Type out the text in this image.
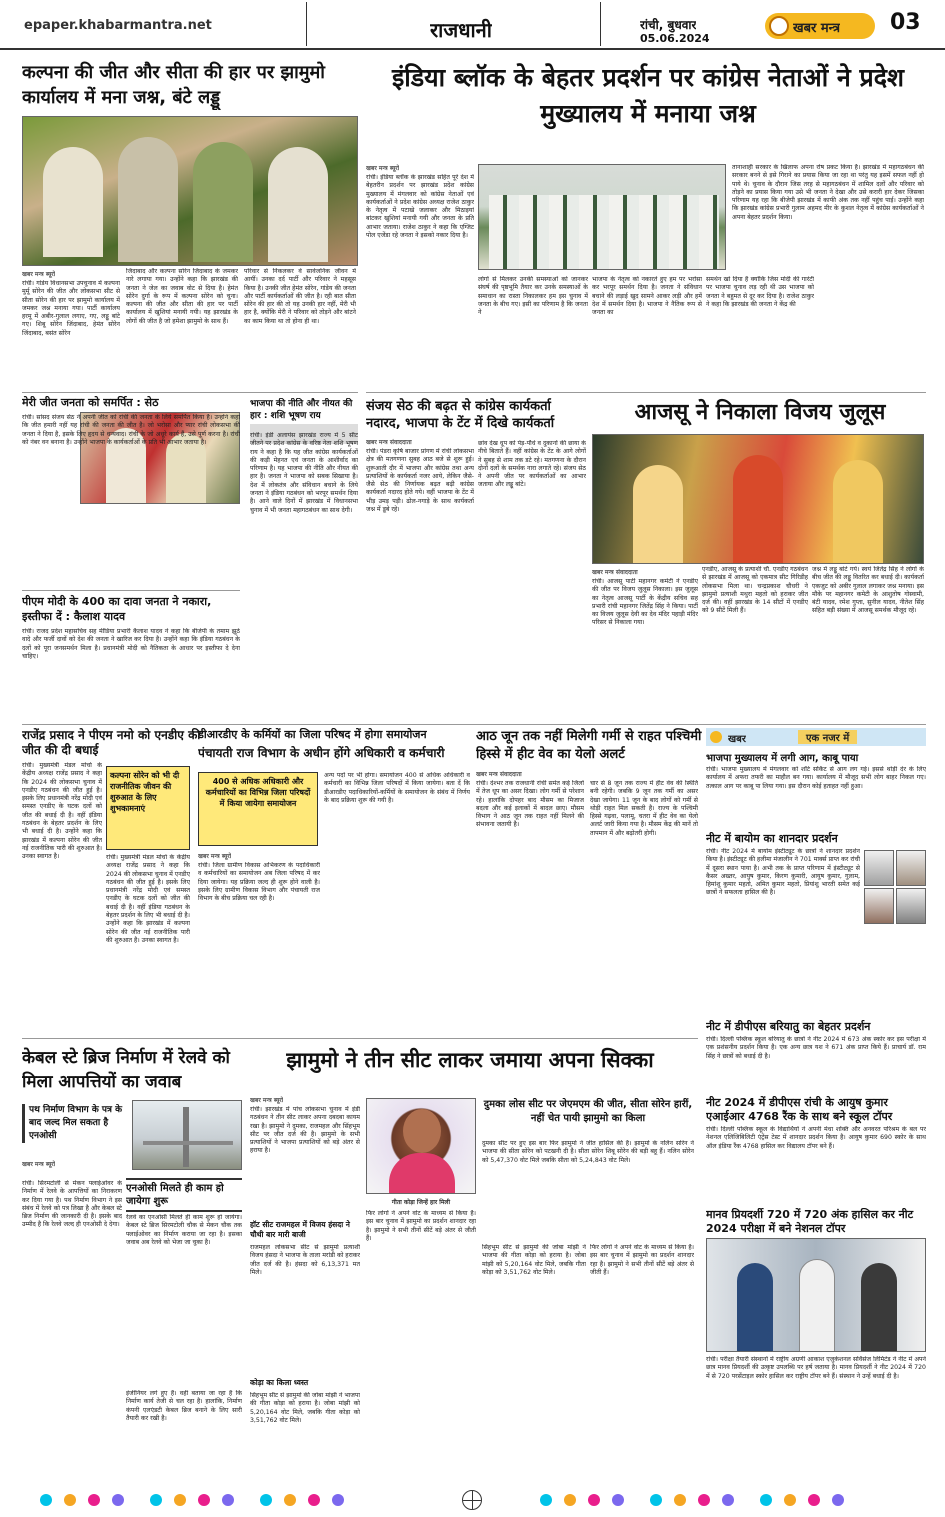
epaper.khabarmantra.net	राजधानी	रांची, बुधवार
05.06.2024
खबर मन्त्र 03
कल्पना की जीत और सीता की हार पर झामुमो कार्यालय में मना जश्न, बंटे लड्डू
खबर मन्त्र ब्यूरो
रांची। गांडेय विधानसभा उपचुनाव में कल्पना मुर्मू सोरेन की जीत और लोकसभा सीट से सीता सोरेन की हार पर झामुमो कार्यालय में जमकर जश्न मनाया गया। पार्टी कार्यालय हरमू में अबीर-गुलाल लगाए, गए, लड्डू बांटे गए। शिबू सोरेन जिंदाबाद, हेमंत सोरेन जिंदाबाद, बसंत सोरेन
जिंदाबाद और कल्पना सोरेन जिंदाबाद के जमकर नारे लगाया गया। उन्होंने कहा कि झारखंड की जनता ने जेल का जवाब वोट से दिया है। हेमंत सोरेन दुर्गा के रूप में कल्पना सोरेन को चुना। कल्पना की जीत और सीता की हार पर पार्टी कार्यालय में खुशियां मनायी गयी। यह झारखंड के लोगों की जीत है जो हमेशा झामुमो के साथ हैं।
परिवार से निकलकर वे सार्वजनिक जीवन में आयीं। उनका दर्द पार्टी और परिवार ने महसूस किया है। उनकी जीत हेमंत सोरेन, गांडेय की जनता और पार्टी कार्यकर्ताओं की जीत है। रही बात सीता सोरेन की हार की तो यह उनकी हार नहीं, मेरी भी हार है, क्योंकि मेरी ने परिवार को तोड़ने और बांटने का काम किया था तो होना ही था।
मेरी जीत जनता को समर्पित : सेठ
रांची। सांसद संजय सेठ ने अपनी जीत को रांची की जनता के लिये समर्पित किया है। उन्होंने कहा कि जीत हमारी नहीं यह रांची की जनता की जीत है। जो भरोसा और प्यार रांची लोकसभा की जनता ने दिया है, इसके लिए हृदय से धन्यवाद। रांची के जो अधूरे कार्य हैं, उसे पूर्ण करना है। रांची को नंबर वन बनाना है। उन्होंने भाजपा के कार्यकर्ताओं के प्रति भी आभार जताया है।
पीएम मोदी के 400 का दावा जनता ने नकारा, इस्तीफा दें : कैलाश यादव
रांची। राजद प्रदेश महासचिव सह मीडिया प्रभारी कैलाश यादव ने कहा कि बीजेपी के तमाम झूठे वादे और फर्जी दावों को देश की जनता ने खारिज कर दिया है। उन्होंने कहा कि इंडिया गठबंधन के दलों को पूरा जनसमर्थन मिला है। प्रधानमंत्री मोदी को नैतिकता के आधार पर इस्तीफा दे देना चाहिए।
भाजपा की नीति और नीयत की हार : शशि भूषण राय
रांची। इंडी अलायंस झारखंड राज्य में 5 सीट जीतने पर प्रदेश कांग्रेस के वरिष्ठ नेता शशि भूषण राय ने कहा है कि यह जीत कांग्रेस कार्यकर्ताओं की कड़ी मेहनत एवं जनता के आशीर्वाद का परिणाम है। यह भाजपा की नीति और नीयत की हार है। जनता ने भाजपा को सबक सिखाया है। देश में लोकतंत्र और संविधान बचाने के लिये जनता ने इंडिया गठबंधन को भरपूर समर्थन दिया है। आने वाले दिनों में झारखंड में विधानसभा चुनाव में भी जनता महागठबंधन का साथ देगी।
इंडिया ब्लॉक के बेहतर प्रदर्शन पर कांग्रेस नेताओं ने प्रदेश मुख्यालय में मनाया जश्न
खबर मन्त्र ब्यूरो
रांची। इंडिया ब्लॉक के झारखंड सहित पूरे देश में बेहतरीन प्रदर्शन पर झारखंड प्रदेश कांग्रेस मुख्यालय में मंगलवार को कांग्रेस नेताओं एवं कार्यकर्ताओं ने प्रदेश कांग्रेस अध्यक्ष राजेश ठाकुर के नेतृत्व में पटाखे जलाकर और मिठाइयां बांटकर खुशियां मनायी गयी और जनता के प्रति आभार जताया। राजेश ठाकुर ने कहा कि एग्जिट पोल एजेंडा रहे जनता ने इसको नकार दिया है।
लोगों से मिलकर उनकी समस्याओं को जानकर संघर्ष की पृष्ठभूमि तैयार कर उनके समस्याओं के समाधान का रास्ता निकालकर हम इस चुनाव में जनता के बीच गए। इसी का परिणाम है कि जनता ने
भाजपा के नेतृत्व को नकारते हुए हम पर भरोसा कर भरपूर समर्थन दिया है। जनता ने संविधान बचाने की लड़ाई खुद सामने आकर लड़ी और हमें देश में समर्थन दिया है। भाजपा ने नैतिक रूप से जनता का
समर्थन खो दिया है क्योंकि जिस मोदी की गारंटी पर भाजपा चुनाव लड़ रही थी उस भाजपा को जनता ने बहुमत से दूर कर दिया है। राजेश ठाकुर ने कहा कि झारखंड की जनता ने केंद्र की
तानाशाही सरकार के खिलाफ अपना रोष प्रकट किया है। झारखंड में महागठबंधन की सरकार बनने से इसे गिराने का प्रयास किया जा रहा था परंतु यह इसमें सफल नहीं हो पाये थे। चुनाव के दौरान जिस तरह से महागठबंधन में शामिल दलों और परिवार को तोड़ने का प्रयास किया गया उसे भी जनता ने देखा और उसे करारी हार देकर जिसका परिणाम यह रहा कि बीजेपी झारखंड में काफी अंक तक नहीं पहुंच पाई। उन्होंने कहा कि झारखंड कांग्रेस प्रभारी गुलाम अहमद मीर के कुशल नेतृत्व में कांग्रेस कार्यकर्ताओं ने अपना बेहतर प्रदर्शन किया।
संजय सेठ की बढ़त से कांग्रेस कार्यकर्ता नदारद, भाजपा के टेंट में दिखे कार्यकर्ता
खबर मन्त्र संवाददाता
रांची। पंडरा कृषि बाजार प्रांगण में रांची लोकसभा क्षेत्र की मतगणना सुबह आठ बजे से शुरू हुई। शुरूआती दौर में भाजपा और कांग्रेस तथा अन्य प्रत्याशियों के कार्यकर्ता नजर आये, लेकिन जैसे-जैसे सेठ की निर्णायक बढ़त बढ़ी कांग्रेस कार्यकर्ता नदारद होते गये। वहीं भाजपा के टेंट में भीड़ उमड़ पड़ी। ढोल-नगाड़े के साथ कार्यकर्ता जश्न में डूबे रहे।
छांव देख धूप को पेड़-पौधे व दुकानों की छाया के नीचे बिताते हैं। वहीं कांग्रेस के टेंट के आगे लोगों ने सुबह से शाम तक डटे रहे। मतगणना के दौरान दोनों दलों के समर्थक नारा लगाते रहे। संजय सेठ ने अपनी जीत पर कार्यकर्ताओं का आभार जताया और लड्डू बांटे।
आजसू ने निकाला विजय जुलूस
खबर मन्त्र संवाददाता
रांची। आजसू पार्टी महानगर कमेटी ने एनडीए की जीत पर विजय जुलूस निकाला। इस जुलूस का नेतृत्व आजसू पार्टी के केंद्रीय सचिव सह प्रभारी रांची महानगर जितेंद्र सिंह ने किया। पार्टी का विजय जुलूस देवी का देव मंदिर पहाड़ी मंदिर परिसर से निकाला गया।
एनडीए, आजसू के प्रत्याशी चौ. एनडीए गठबंधन से झारखंड में आजसू को एकमात्र सीट गिरिडीह लोकसभा मिला था। चन्द्रप्रकाश चौधरी ने झामुमो प्रत्याशी मथुरा महतो को हराकर जीत दर्ज की। वहीं झारखंड के 14 सीटों में एनडीए को 9 सीटें मिली हैं।
जश्न में लड्डू बांटे गये। स्वयं जितेंद्र सिंह ने लोगों के बीच जीत की लड्डू वितरित कर बधाई दी। कार्यकर्ता एकजुट को अबीर गुलाल लगाकर जश्न मनाया। इस मौके पर महानगर कमेटी के आशुतोष गोस्वामी, बंटी यादव, रमेश गुप्ता, सुनील यादव, नीतेश सिंह सहित बड़ी संख्या में आजसू समर्थक मौजूद रहे।
राजेंद्र प्रसाद ने पीएम नमो को एनडीए की जीत की दी बधाई
कल्पना सोरेन को भी दी राजनीतिक जीवन की शुरुआत के लिए शुभकामनाएं
रांची। मुख्यमंत्री मंडल मोर्चा के केंद्रीय अध्यक्ष राजेंद्र प्रसाद ने कहा कि 2024 की लोकसभा चुनाव में एनडीए गठबंधन की जीत हुई है। इसके लिए प्रधानमंत्री नरेंद्र मोदी एवं समस्त एनडीए के घटक दलों को जीत की बधाई दी है। वहीं इंडिया गठबंधन के बेहतर प्रदर्शन के लिए भी बधाई दी है। उन्होंने कहा कि झारखंड में कल्पना सोरेन की जीत नई राजनीतिक पारी की शुरुआत है। उनका स्वागत है।	रांची। मुख्यमंत्री मंडल मोर्चा के केंद्रीय अध्यक्ष राजेंद्र प्रसाद ने कहा कि 2024 की लोकसभा चुनाव में एनडीए गठबंधन की जीत हुई है। इसके लिए प्रधानमंत्री नरेंद्र मोदी एवं समस्त एनडीए के घटक दलों को जीत की बधाई दी है। वहीं इंडिया गठबंधन के बेहतर प्रदर्शन के लिए भी बधाई दी है। उन्होंने कहा कि झारखंड में कल्पना सोरेन की जीत नई राजनीतिक पारी की शुरुआत है। उनका स्वागत है।
डीआरडीए के कर्मियों का जिला परिषद में होगा समायोजन
पंचायती राज विभाग के अधीन होंगे अधिकारी व कर्मचारी
400 से अधिक अधिकारी और कर्मचारियों का विभिन्न जिला परिषदों में किया जायेगा समायोजन
खबर मन्त्र ब्यूरो
रांची। जिला ग्रामीण विकास अभिकरण के पदाधिकारी व कर्मचारियों का समायोजन अब जिला परिषद में कर दिया जायेगा। यह प्रक्रिया जल्द ही शुरू होने वाली है। इसके लिए ग्रामीण विकास विभाग और पंचायती राज विभाग के बीच प्रक्रिया चल रही है।
अन्य पदों पर भी होगा। समायोजन 400 से अधिक अधिकारी व कर्मचारी का विभिन्न जिला परिषदों में किया जायेगा। बता दें कि डीआरडीए पदाधिकारियों-कर्मियों के समायोजन के संबंध में निर्णय के बाद प्रक्रिया शुरू की गयी है।
आठ जून तक नहीं मिलेगी गर्मी से राहत पश्चिमी हिस्से में हीट वेव का येलो अलर्ट
खबर मन्त्र संवाददाता
रांची। देश्भर तक राजधानी रांची समेत कई जिलों में तेज धूप का असर दिखा। लोग गर्मी से परेशान रहे। हालांकि दोपहर बाद मौसम का मिजाज बदला और कई इलाकों में बादल छाए। मौसम विभाग ने आठ जून तक राहत नहीं मिलने की संभावना जतायी है।
चार से 8 जून तक राज्य में हीट वेव की स्थिति बनी रहेगी। जबकि 9 जून तक गर्मी का असर देखा जायेगा। 11 जून के बाद लोगों को गर्मी से थोड़ी राहत मिल सकती है। राज्य के पश्चिमी हिस्से गढ़वा, पलामू, चतरा में हीट वेव का येलो अलर्ट जारी किया गया है। मौसम केंद्र की मानें तो तापमान में और बढ़ोतरी होगी।
खबर	एक नजर में
भाजपा मुख्यालय में लगी आग, काबू पाया
रांची। भाजपा मुख्यालय में मंगलवार को शॉर्ट सर्किट से आग लग गई। इससे थोड़ी देर के लिए कार्यालय में अफरा तफरी का माहौल बन गया। कार्यालय में मौजूद सभी लोग बाहर निकल गए। तत्काल आग पर काबू पा लिया गया। इस दौरान कोई हताहत नहीं हुआ।
नीट में बायोम का शानदार प्रदर्शन
रांची। नीट 2024 में बायोम इंस्टीट्यूट के छात्रों ने शानदार प्रदर्शन किया है। इंस्टीट्यूट की हलीमा मंजालीन ने 701 मार्क्स प्राप्त कर रांची में दूसरा स्थान पाया है। अभी तक के प्राप्त परिणाम में इंस्टीट्यूट से कैसर अख्तर, आयुष कुमार, किरण कुमारी, आयुष कुमार, गुलाम, हिमांशु कुमार महतो, अमित कुमार महतो, प्रियांशु भारती समेत कई छात्रों ने सफलता हासिल की है।
नीट में डीपीएस बरियातु का बेहतर प्रदर्शन
रांची। दिल्ली पब्लिक स्कूल बरियातु के छात्रों ने नीट 2024 में 673 अंक स्कोर कर इस परीक्षा में एक प्रशंसनीय प्रदर्शन किया है। एक अन्य छात्र यश ने 671 अंक प्राप्त किये हैं। प्राचार्य डॉ. राम सिंह ने छात्रों को बधाई दी है।
नीट 2024 में डीपीएस रांची के आयुष कुमार एआईआर 4768 रैंक के साथ बने स्कूल टॉपर
रांची। दिल्ली पब्लिक स्कूल के विद्यार्थियों ने अपनी मेधा शक्ति और अनवरत परिश्रम के बल पर नेशनल एलिजिबिलिटी एंट्रेंस टेस्ट में शानदार प्रदर्शन किया है। आयुष कुमार 690 स्कोर के साथ ऑल इंडिया रैंक 4768 हासिल कर विद्यालय टॉपर बने हैं।
मानव प्रियदर्शी 720 में 720 अंक हासिल कर नीट 2024 परीक्षा में बने नेशनल टॉपर
रांची। परीक्षा तैयारी संस्थानों में राष्ट्रीय अग्रणी आकाश एजुकेशनल सर्विसेज लिमिटेड ने नीट में अपने छात्र मानव प्रियदर्शी की उत्कृष्ट उपलब्धि पर हर्ष जताया है। मानव प्रियदर्शी ने नीट 2024 में 720 में से 720 परसेंटाइल स्कोर हासिल कर राष्ट्रीय टॉपर बने हैं। संस्थान ने उन्हें बधाई दी है।
केबल स्टे ब्रिज निर्माण में रेलवे को मिला आपत्तियों का जवाब
पथ निर्माण विभाग के पत्र के बाद जल्द मिल सकता है एनओसी
खबर मन्त्र ब्यूरो
रांची। सिरमटोली से मेकन फ्लाईओवर के निर्माण में रेलवे के आपत्तियों का निराकरण कर दिया गया है। पथ निर्माण विभाग ने इस संबंध में रेलवे को पत्र लिखा है और केबल स्टे ब्रिज निर्माण की जानकारी दी है। इसके बाद उम्मीद है कि रेलवे जल्द ही एनओसी दे देगा।
एनओसी मिलते ही काम हो जायेगा शुरू
रेलवे का एनओसी मिलते ही काम शुरू हो जायेगा। केबल स्टे ब्रिज सिरमटोली चौक से मेकन चौक तक फ्लाईओवर का निर्माण कराया जा रहा है। इसका जवाब अब रेलवे को भेजा जा चुका है।
इंजीनियर लगे हुए हैं। वहीं बताया जा रहा है कि निर्माण कार्य तेजी से चल रहा है। हालांकि, निर्माण कंपनी एलएंडटी केबल ब्रिज बनाने के लिए सारी तैयारी कर रखी है।
झामुमो ने तीन सीट लाकर जमाया अपना सिक्का
खबर मन्त्र ब्यूरो
रांची। झारखंड में पांच लोकसभा चुनाव में इंडी गठबंधन ने तीन सीट लाकर अपना दबदबा कायम रखा है। झामुमो ने दुमका, राजमहल और सिंहभूम सीट पर जीत दर्ज की है। झामुमो के सभी प्रत्याशियों ने भाजपा प्रत्याशियों को बड़े अंतर से हराया है।
हॉट सीट राजमहल में विजय हंसदा ने चौथी बार मारी बाजी
राजमहल लोकसभा सीट से झामुमो प्रत्याशी विजय हंसदा ने भाजपा के ताला मरांडी को हराकर जीत दर्ज की है। हंसदा को 6,13,371 मत मिले।
कोड़ा का किला ध्वस्त
सिंहभूम सीट से झामुमो की जोबा मांझी ने भाजपा की गीता कोड़ा को हराया है। जोबा मांझी को 5,20,164 वोट मिले, जबकि गीता कोड़ा को 3,51,762 वोट मिले।
गीता कोड़ा जिन्हें हार मिली
फिर लोगों ने अपने वोट के माध्यम से किया है। इस बार चुनाव में झामुमो का प्रदर्शन शानदार रहा है। झामुमो ने सभी तीनों सीटें बड़े अंतर से जीती हैं।
दुमका लोस सीट पर जेएमएम की जीत, सीता सोरेन हारीं, नहीं चेत पायी झामुमो का किला
दुमका सीट पर हुए इस बार फिर झामुमो ने जीत हासिल की है। झामुमो के नलिन सोरेन ने भाजपा की सीता सोरेन को पटखनी दी है। सीता सोरेन शिबू सोरेन की बड़ी बहू हैं। नलिन सोरेन को 5,47,370 वोट मिले जबकि सीता को 5,24,843 वोट मिले।
सिंहभूम सीट से झामुमो की जोबा मांझी ने भाजपा की गीता कोड़ा को हराया है। जोबा मांझी को 5,20,164 वोट मिले, जबकि गीता कोड़ा को 3,51,762 वोट मिले।
फिर लोगों ने अपने वोट के माध्यम से किया है। इस बार चुनाव में झामुमो का प्रदर्शन शानदार रहा है। झामुमो ने सभी तीनों सीटें बड़े अंतर से जीती हैं।
